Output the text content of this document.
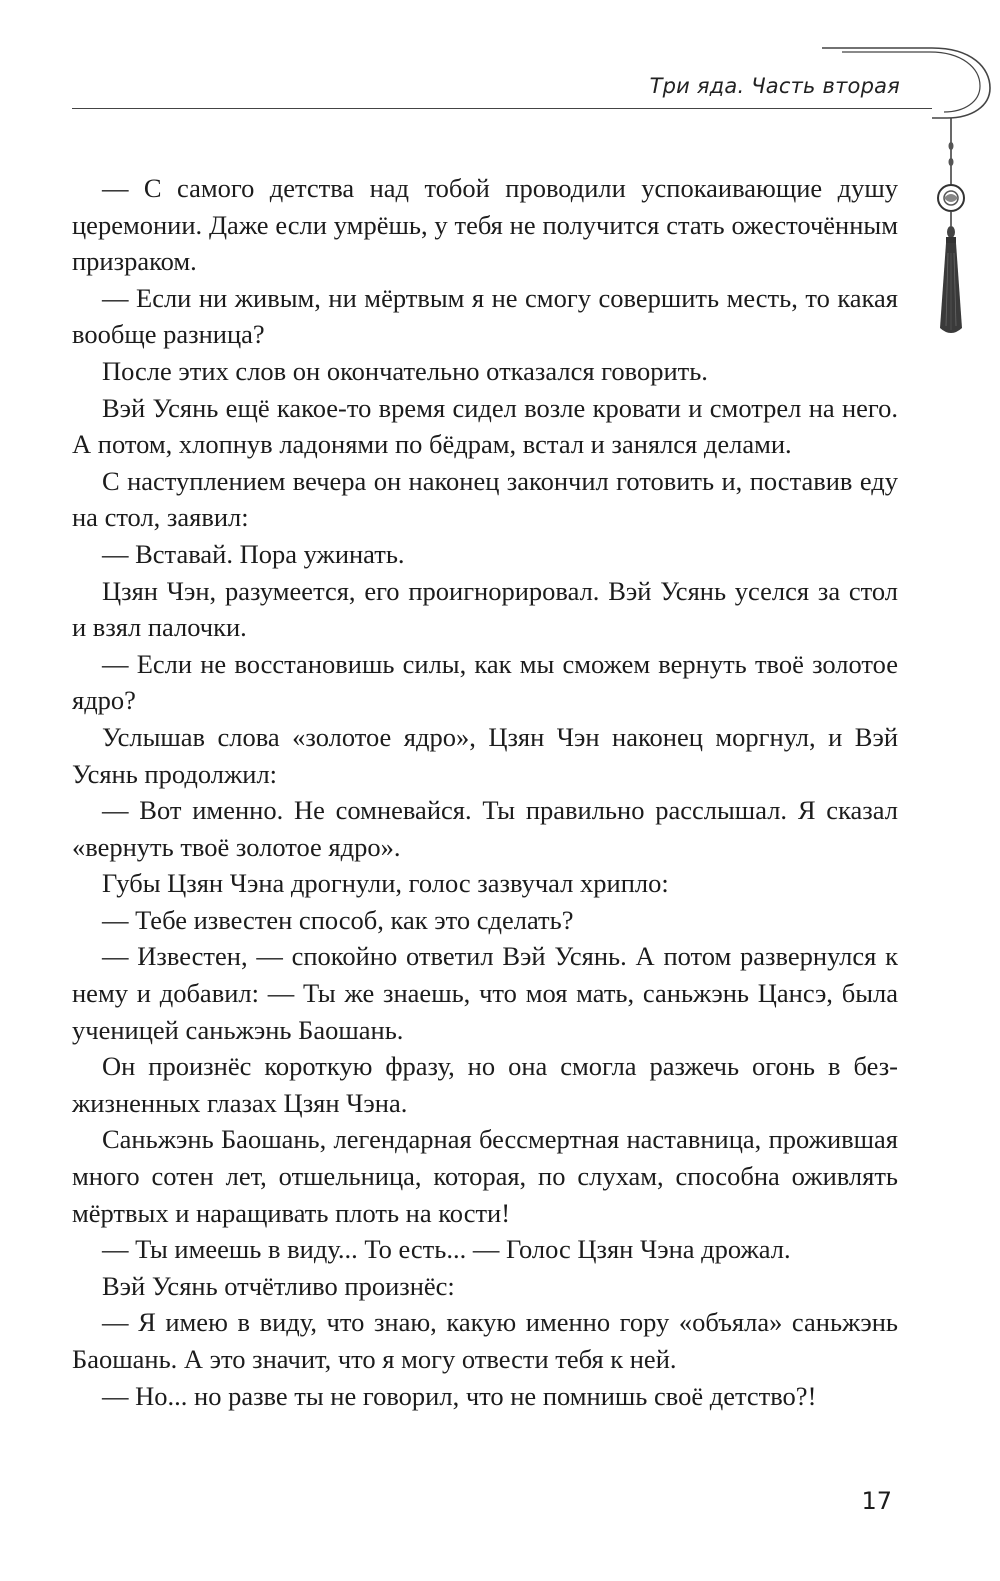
Три яда. Часть вторая

— С самого детства над тобой проводили успокаивающие душу церемонии. Даже если умрёшь, у тебя не получится стать ожесточённым призраком.

— Если ни живым, ни мёртвым я не смогу совершить месть, то какая вообще разница?

После этих слов он окончательно отказался говорить.

Вэй Усянь ещё какое-то время сидел возле кровати и смотрел на него. А потом, хлопнув ладонями по бёдрам, встал и занялся делами.

С наступлением вечера он наконец закончил готовить и, поставив еду на стол, заявил:

— Вставай. Пора ужинать.

Цзян Чэн, разумеется, его проигнорировал. Вэй Усянь уселся за стол и взял палочки.

— Если не восстановишь силы, как мы сможем вернуть твоё золотое ядро?

Услышав слова «золотое ядро», Цзян Чэн наконец моргнул, и Вэй Усянь продолжил:

— Вот именно. Не сомневайся. Ты правильно расслышал. Я сказал «вернуть твоё золотое ядро».

Губы Цзян Чэна дрогнули, голос зазвучал хрипло:

— Тебе известен способ, как это сделать?

— Известен, — спокойно ответил Вэй Усянь. А потом развернулся к нему и добавил: — Ты же знаешь, что моя мать, саньжэнь Цансэ, была ученицей саньжэнь Баошань.

Он произнёс короткую фразу, но она смогла разжечь огонь в безжизненных глазах Цзян Чэна.

Саньжэнь Баошань, легендарная бессмертная наставница, прожившая много сотен лет, отшельница, которая, по слухам, способна оживлять мёртвых и наращивать плоть на кости!

— Ты имеешь в виду... То есть... — Голос Цзян Чэна дрожал.

Вэй Усянь отчётливо произнёс:

— Я имею в виду, что знаю, какую именно гору «объяла» саньжэнь Баошань. А это значит, что я могу отвести тебя к ней.

— Но... но разве ты не говорил, что не помнишь своё детство?!

17
